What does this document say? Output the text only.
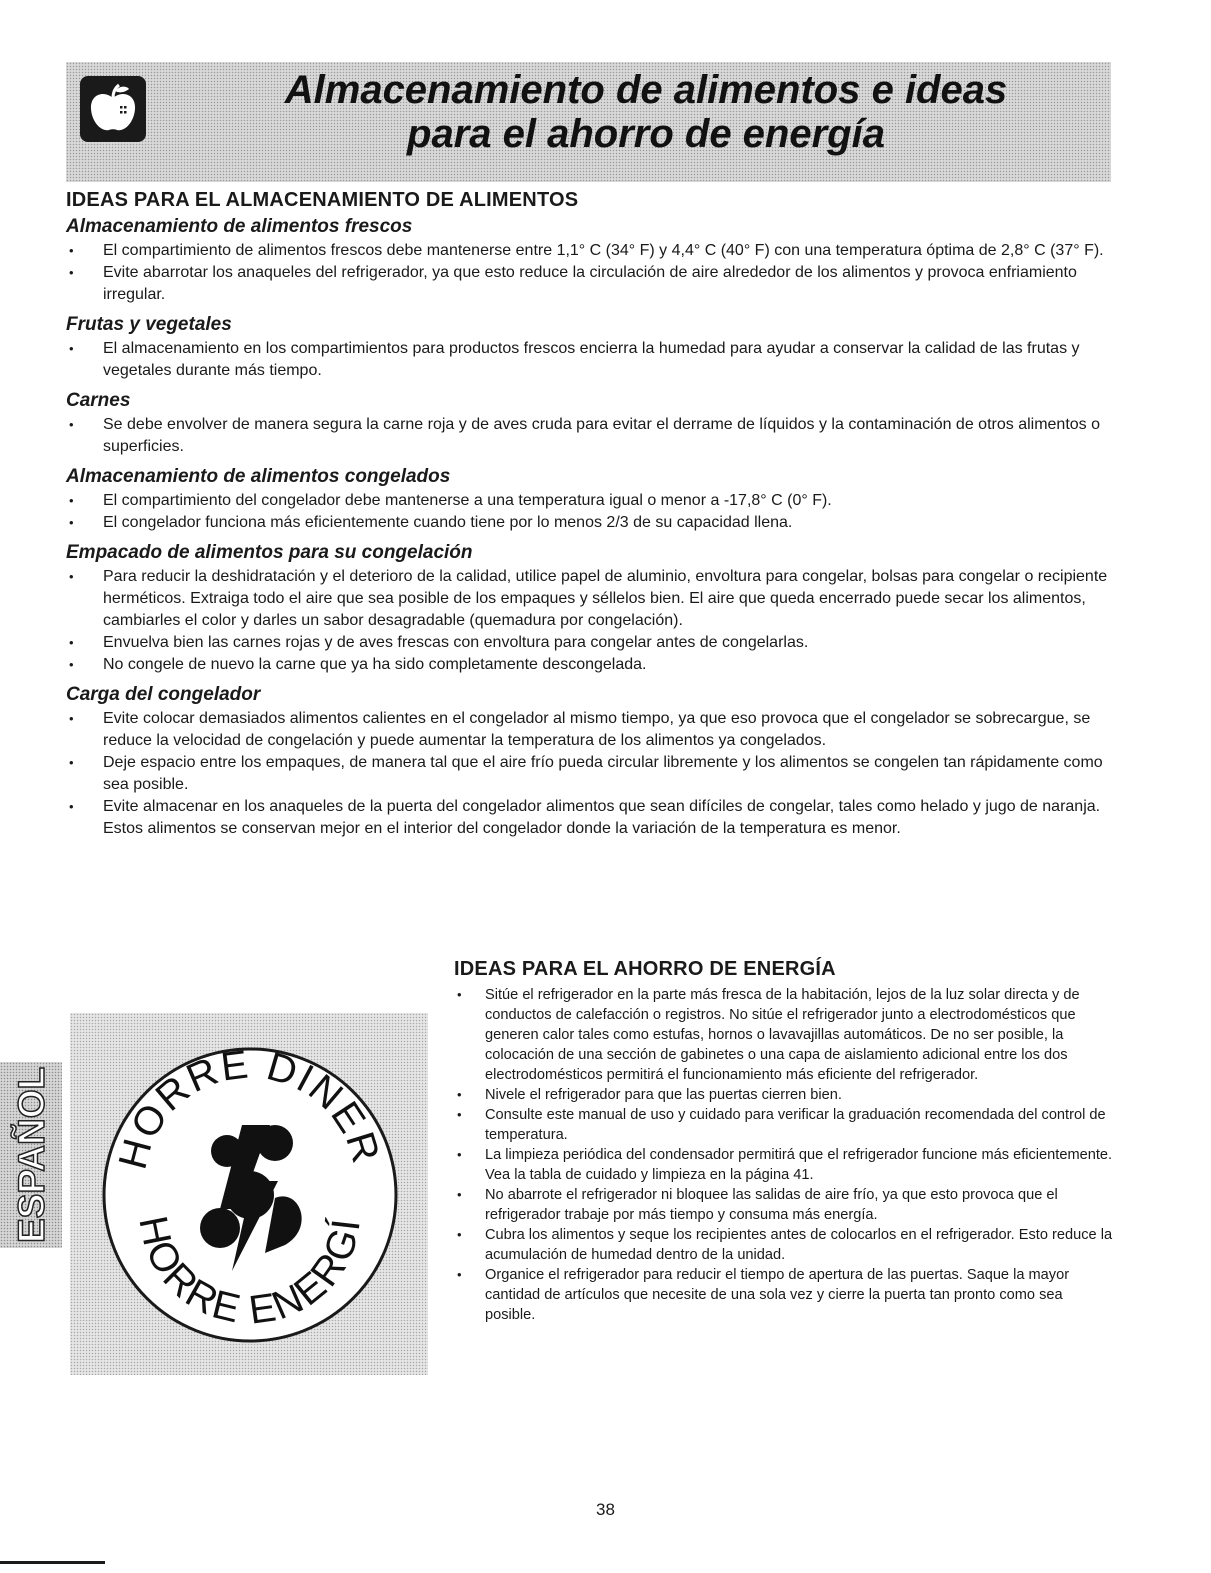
Almacenamiento de alimentos e ideas
para el ahorro de energía
IDEAS PARA EL ALMACENAMIENTO DE ALIMENTOS
Almacenamiento de alimentos frescos
• El compartimiento de alimentos frescos debe mantenerse entre 1,1° C (34° F) y 4,4° C (40° F) con una temperatura óptima de 2,8° C (37° F).
• Evite abarrotar los anaqueles del refrigerador, ya que esto reduce la circulación de aire alrededor de los alimentos y provoca enfriamiento irregular.
Frutas y vegetales
• El almacenamiento en los compartimientos para productos frescos encierra la humedad para ayudar a conservar la calidad de las frutas y vegetales durante más tiempo.
Carnes
• Se debe envolver de manera segura la carne roja y de aves cruda para evitar el derrame de líquidos y la contaminación de otros alimentos o superficies.
Almacenamiento de alimentos congelados
• El compartimiento del congelador debe mantenerse a una temperatura igual o menor a -17,8° C (0° F).
• El congelador funciona más eficientemente cuando tiene por lo menos 2/3 de su capacidad llena.
Empacado de alimentos para su congelación
• Para reducir la deshidratación y el deterioro de la calidad, utilice papel de aluminio, envoltura para congelar, bolsas para congelar o recipiente herméticos. Extraiga todo el aire que sea posible de los empaques y séllelos bien. El aire que queda encerrado puede secar los alimentos, cambiarles el color y darles un sabor desagradable (quemadura por congelación).
• Envuelva bien las carnes rojas y de aves frescas con envoltura para congelar antes de congelarlas.
• No congele de nuevo la carne que ya ha sido completamente descongelada.
Carga del congelador
• Evite colocar demasiados alimentos calientes en el congelador al mismo tiempo, ya que eso provoca que el congelador se sobrecargue, se reduce la velocidad de congelación y puede aumentar la temperatura de los alimentos ya congelados.
• Deje espacio entre los empaques, de manera tal que el aire frío pueda circular libremente y los alimentos se congelen tan rápidamente como sea posible.
• Evite almacenar en los anaqueles de la puerta del congelador alimentos que sean difíciles de congelar, tales como helado y jugo de naranja. Estos alimentos se conservan mejor en el interior del congelador donde la variación de la temperatura es menor.
ESPAÑOL	HORRE DINER
HORRE ENERGÍ
IDEAS PARA EL AHORRO DE ENERGÍA
• Sitúe el refrigerador en la parte más fresca de la habitación, lejos de la luz solar directa y de conductos de calefacción o registros. No sitúe el refrigerador junto a electrodomésticos que generen calor tales como estufas, hornos o lavavajillas automáticos. De no ser posible, la colocación de una sección de gabinetes o una capa de aislamiento adicional entre los dos electrodomésticos permitirá el funcionamiento más eficiente del refrigerador.
• Nivele el refrigerador para que las puertas cierren bien.
• Consulte este manual de uso y cuidado para verificar la graduación recomendada del control de temperatura.
• La limpieza periódica del condensador permitirá que el refrigerador funcione más eficientemente. Vea la tabla de cuidado y limpieza en la página 41.
• No abarrote el refrigerador ni bloquee las salidas de aire frío, ya que esto provoca que el refrigerador trabaje por más tiempo y consuma más energía.
• Cubra los alimentos y seque los recipientes antes de colocarlos en el refrigerador. Esto reduce la acumulación de humedad dentro de la unidad.
• Organice el refrigerador para reducir el tiempo de apertura de las puertas. Saque la mayor cantidad de artículos que necesite de una sola vez y cierre la puerta tan pronto como sea posible.
38
